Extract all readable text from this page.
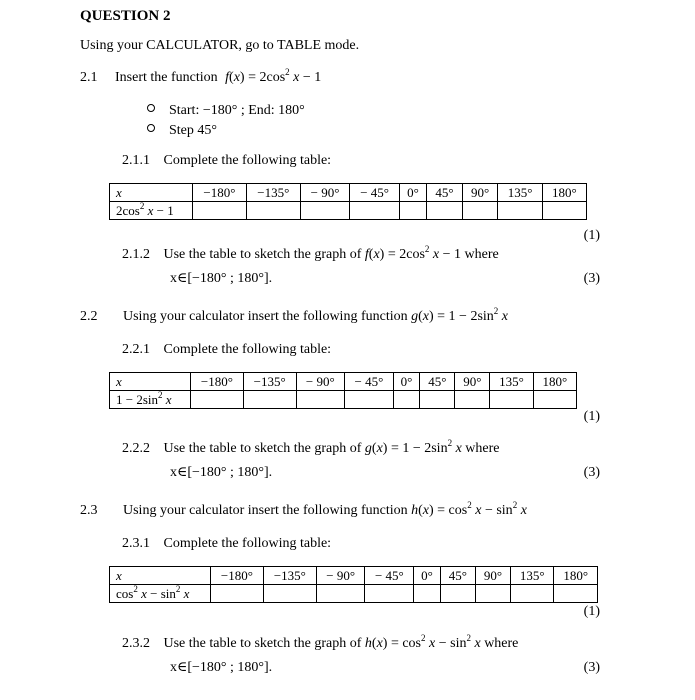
QUESTION 2
Using your CALCULATOR, go to TABLE mode.
2.1 Insert the function $f(x) = 2\cos^2$ x − 1
Start: −180° ; End: 180°
Step 45°
2.1.1 Complete the following table:
x	−180°	−135°	− 90°	− 45°	0°	45°	90°	135°	180°
$2\cos^2$ x − 1									
(1)
2.1.2 Use the table to sketch the graph of $f(x) = 2\cos^2$ x − 1 where
x∈[−180° ; 180°].	(3)
2.2 Using your calculator insert the following function $g(x) = 1 - 2\sin^2$ x
2.2.1 Complete the following table:
x	−180°	−135°	− 90°	− 45°	0°	45°	90°	135°	180°
$1 - 2\sin^2$ x									
(1)
2.2.2 Use the table to sketch the graph of $g(x) = 1 - 2\sin^2$ x where
x∈[−180° ; 180°].	(3)
2.3 Using your calculator insert the following function $h(x) = \cos^2 x - \sin^2 x$
2.3.1 Complete the following table:
x	−180°	−135°	− 90°	− 45°	0°	45°	90°	135°	180°
$\cos^2 x - \sin^2 x$									
(1)
2.3.2 Use the table to sketch the graph of $h(x) = \cos^2 x - \sin^2 x$ where
x∈[−180° ; 180°].	(3)
